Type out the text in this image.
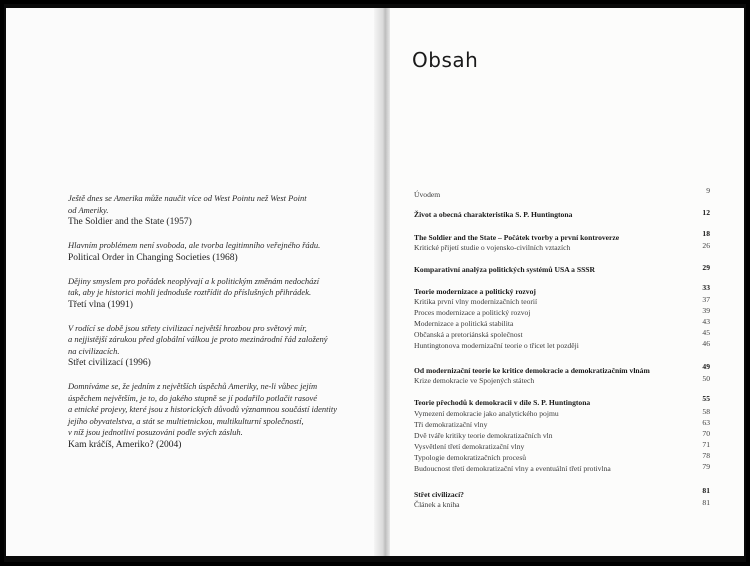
Ještě dnes se Amerika může naučit více od West Pointu než West Point
od Ameriky.
The Soldier and the State (1957)
Hlavním problémem není svoboda, ale tvorba legitimního veřejného řádu.
Political Order in Changing Societies (1968)
Dějiny smyslem pro pořádek neoplývají a k politickým změnám nedochází
tak, aby je historici mohli jednoduše roztřídit do příslušných přihrádek.
Třetí vlna (1991)
V rodící se době jsou střety civilizací největší hrozbou pro světový mír,
a nejjistější zárukou před globální válkou je proto mezinárodní řád založený
na civilizacích.
Střet civilizací (1996)
Domníváme se, že jedním z největších úspěchů Ameriky, ne-li vůbec jejím
úspěchem největším, je to, do jakého stupně se jí podařilo potlačit rasové
a etnické projevy, které jsou z historických důvodů významnou součástí identity
jejího obyvatelstva, a stát se multietnickou, multikulturní společností,
v níž jsou jednotliví posuzováni podle svých zásluh.
Kam kráčíš, Ameriko? (2004)
Obsah
Úvodem	9
Život a obecná charakteristika S. P. Huntingtona	12
The Soldier and the State – Počátek tvorby a první kontroverze	18
Kritické přijetí studie o vojensko-civilních vztazích	26
Komparativní analýza politických systémů USA a SSSR	29
Teorie modernizace a politický rozvoj	33
Kritika první vlny modernizačních teorií	37
Proces modernizace a politický rozvoj	39
Modernizace a politická stabilita	43
Občanská a pretoriánská společnost	45
Huntingtonova modernizační teorie o třicet let později	46
Od modernizační teorie ke kritice demokracie a demokratizačním vlnám	49
Krize demokracie ve Spojených státech	50
Teorie přechodů k demokracii v díle S. P. Huntingtona	55
Vymezení demokracie jako analytického pojmu	58
Tři demokratizační vlny	63
Dvě tváře kritiky teorie demokratizačních vln	70
Vysvětlení třetí demokratizační vlny	71
Typologie demokratizačních procesů	78
Budoucnost třetí demokratizační vlny a eventuální třetí protivlna	79
Střet civilizací?	81
Článek a kniha	81
